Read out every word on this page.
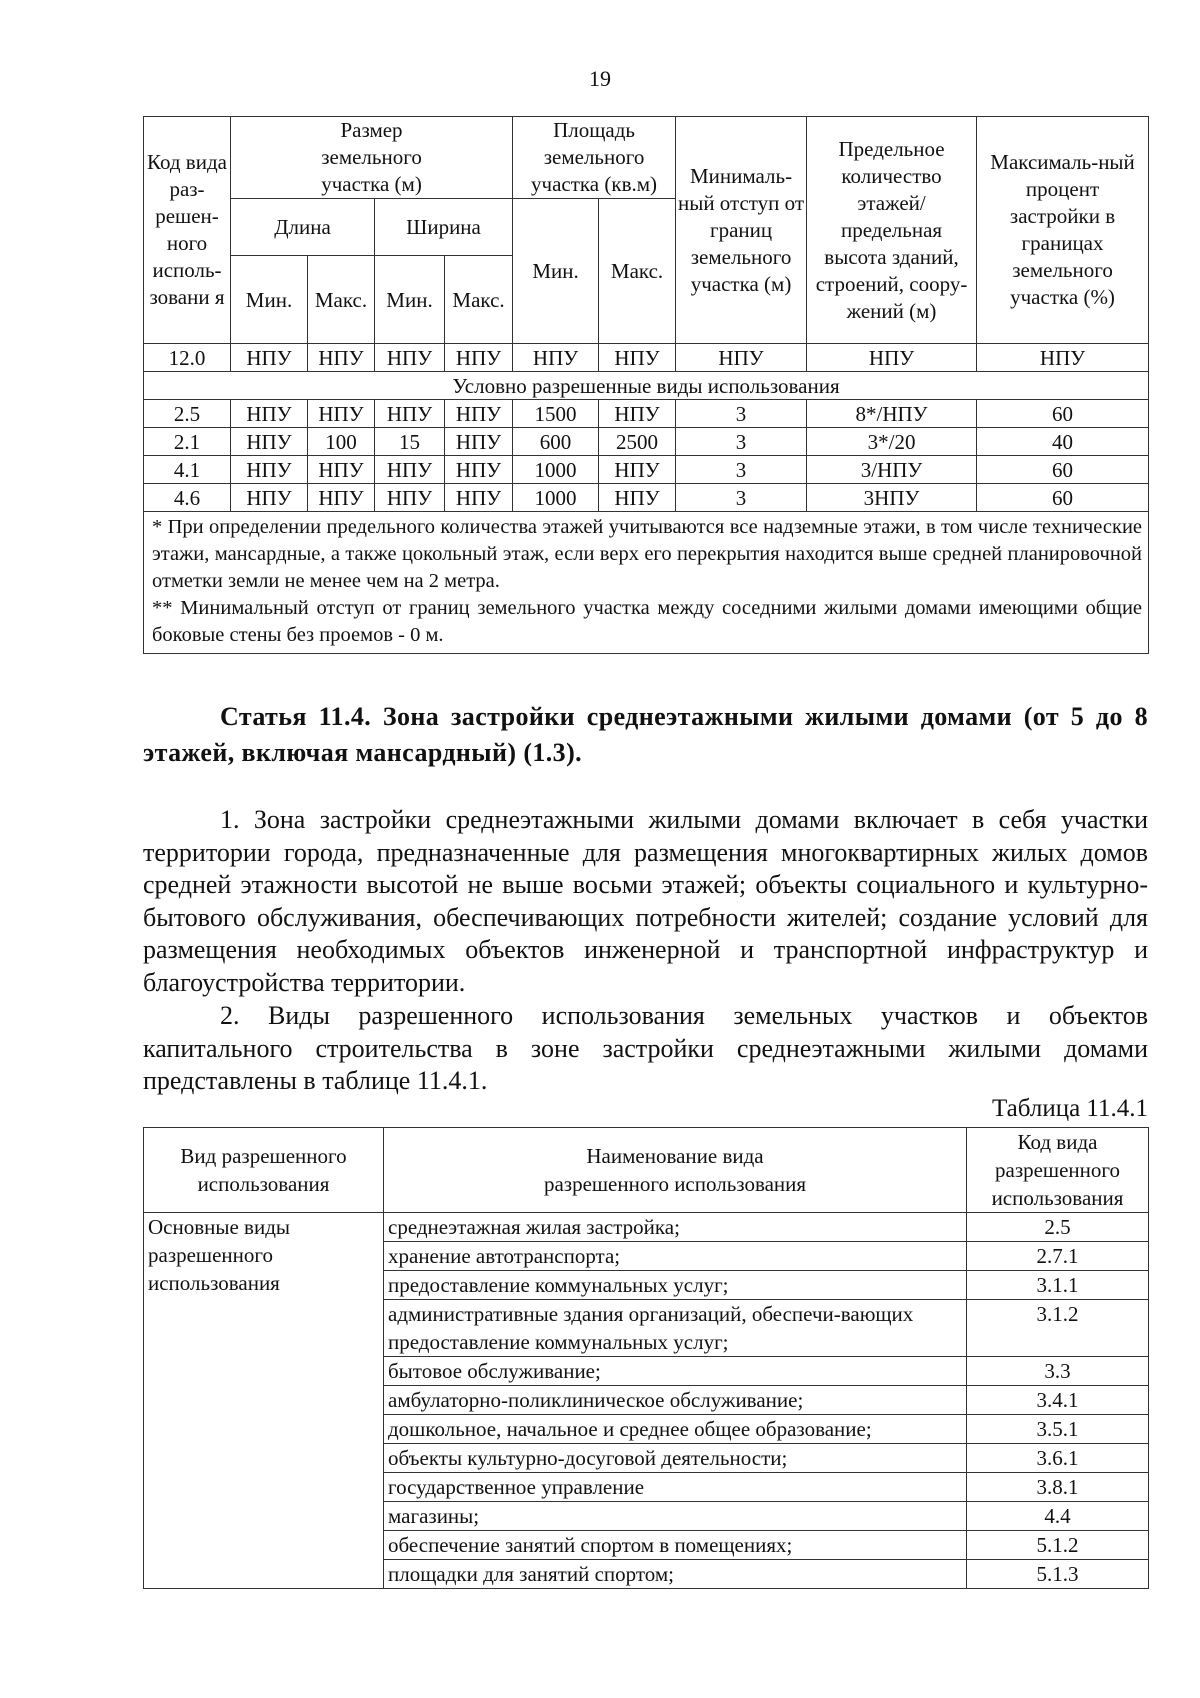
19
Код вида раз-решен-ного исполь-зовани я	Размер земельного участка (м)				Площадь земельного участка (кв.м)		Минималь-ный отступ от границ земельного участка (м)	Предельное количество этажей/ предельная высота зданий, строений, соору-жений (м)	Максималь-ный процент застройки в границах земельного участка (%)
	Длина		Ширина		Мин.	Макс.			
	Мин.	Макс.	Мин.	Макс.					
12.0	НПУ	НПУ	НПУ	НПУ	НПУ	НПУ	НПУ	НПУ	НПУ
Условно разрешенные виды использования									
2.5	НПУ	НПУ	НПУ	НПУ	1500	НПУ	3	8*/НПУ	60
2.1	НПУ	100	15	НПУ	600	2500	3	3*/20	40
4.1	НПУ	НПУ	НПУ	НПУ	1000	НПУ	3	3/НПУ	60
4.6	НПУ	НПУ	НПУ	НПУ	1000	НПУ	3	3НПУ	60

* При определении предельного количества этажей учитываются все надземные этажи, в том числе технические этажи, мансардные, а также цокольный этаж, если верх его перекрытия находится выше средней планировочной отметки земли не менее чем на 2 метра.
** Минимальный отступ от границ земельного участка между соседними жилыми домами имеющими общие боковые стены без проемов - 0 м.									
Статья 11.4. Зона застройки среднеэтажными жилыми домами (от 5 до 8 этажей, включая мансардный) (1.3).
1. Зона застройки среднеэтажными жилыми домами включает в себя участки территории города, предназначенные для размещения многоквартирных жилых домов средней этажности высотой не выше восьми этажей; объекты социального и культурно-бытового обслуживания, обеспечивающих потребности жителей; создание условий для размещения необходимых объектов инженерной и транспортной инфраструктур и благоустройства территории.
2. Виды разрешенного использования земельных участков и объектов капитального строительства в зоне застройки среднеэтажными жилыми домами представлены в таблице 11.4.1.
Таблица 11.4.1
Вид разрешенного использования	Наименование вида разрешенного использования	Код вида разрешенного использования
Основные виды разрешенного использования	среднеэтажная жилая застройка;	2.5
	хранение автотранспорта;	2.7.1
	предоставление коммунальных услуг;	3.1.1
	административные здания организаций, обеспечи-вающих предоставление коммунальных услуг;	3.1.2
	бытовое обслуживание;	3.3
	амбулаторно-поликлиническое обслуживание;	3.4.1
	дошкольное, начальное и среднее общее образование;	3.5.1
	объекты культурно-досуговой деятельности;	3.6.1
	государственное управление	3.8.1
	магазины;	4.4
	обеспечение занятий спортом в помещениях;	5.1.2
	площадки для занятий спортом;	5.1.3
